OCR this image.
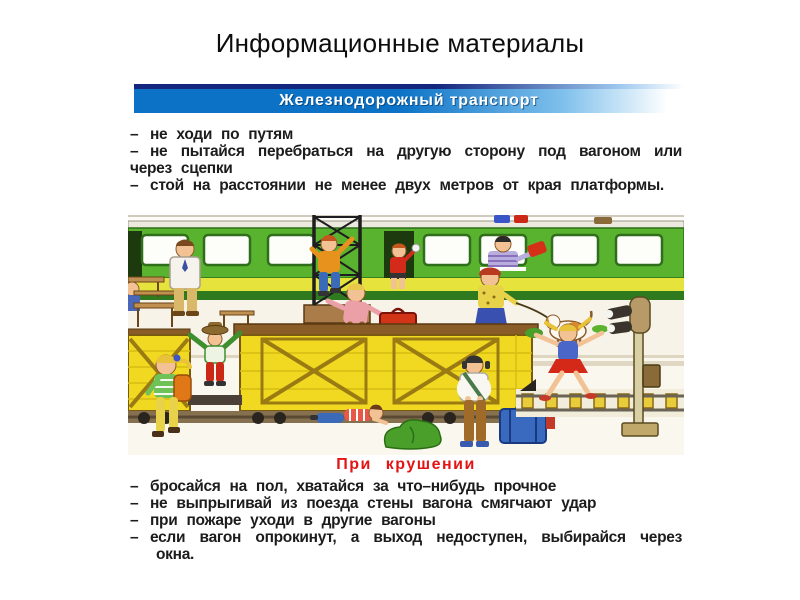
Информационные материалы
Железнодорожный транспорт
– не ходи по путям
– не пытайся перебраться на другую сторону под вагоном или через сцепки
– стой на расстоянии не менее двух метров от края платформы.
При крушении
– бросайся на пол, хватайся за что–нибудь прочное
– не выпрыгивай из поезда стены вагона смягчают удар
– при пожаре уходи в другие вагоны
– если вагон опрокинут, а выход недоступен, выбирайся через окна.
